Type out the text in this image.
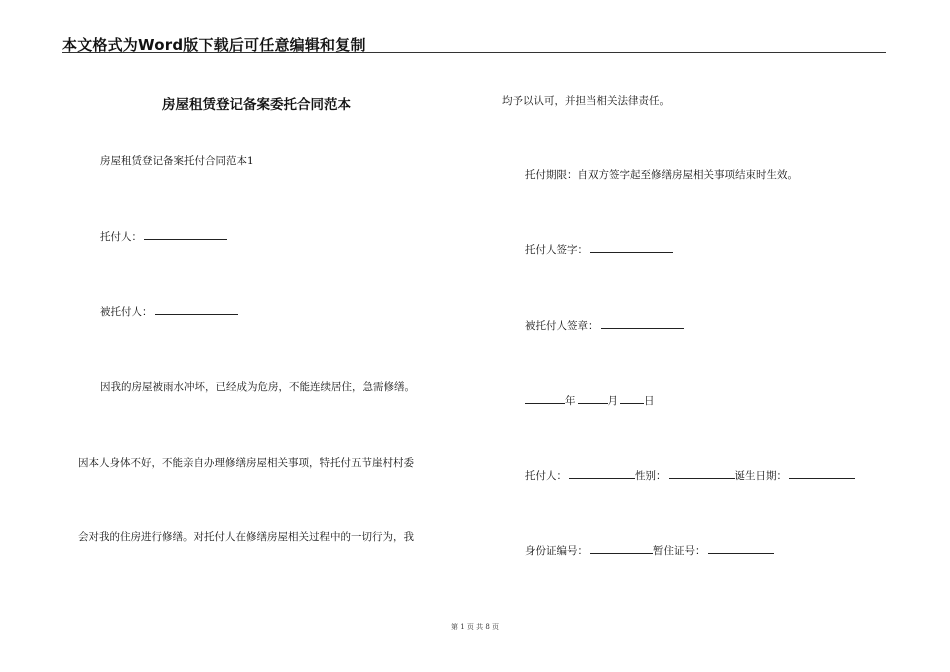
本文格式为Word版下载后可任意编辑和复制
房屋租赁登记备案委托合同范本
房屋租赁登记备案托付合同范本1
托付人：
被托付人：
因我的房屋被雨水冲坏，已经成为危房，不能连续居住，急需修缮。
因本人身体不好，不能亲自办理修缮房屋相关事项，特托付五节崖村村委
会对我的住房进行修缮。对托付人在修缮房屋相关过程中的一切行为，我
均予以认可，并担当相关法律责任。
托付期限：自双方签字起至修缮房屋相关事项结束时生效。
托付人签字：
被托付人签章：
年	月 日
托付人：	性别：	诞生日期：
身份证编号：	暂住证号：
第 1 页 共 8 页
